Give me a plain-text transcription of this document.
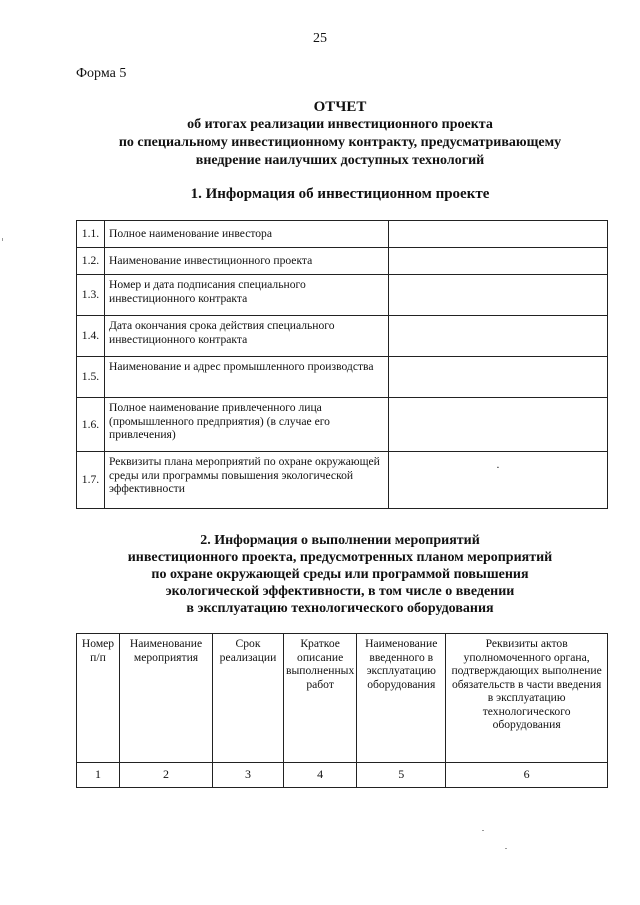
25
Форма 5
ОТЧЕТ
об итогах реализации инвестиционного проекта
по специальному инвестиционному контракту, предусматривающему
внедрение наилучших доступных технологий
1. Информация об инвестиционном проекте
1.1.	Полное наименование инвестора	
1.2.	Наименование инвестиционного проекта	
1.3.	Номер и дата подписания специального инвестиционного контракта	
1.4.	Дата окончания срока действия специального инвестиционного контракта	
1.5.	Наименование и адрес промышленного производства	
1.6.	Полное наименование привлеченного лица (промышленного предприятия) (в случае его привлечения)	
1.7.	Реквизиты плана мероприятий по охране окружающей среды или программы повышения экологической эффективности	.
2. Информация о выполнении мероприятий
инвестиционного проекта, предусмотренных планом мероприятий
по охране окружающей среды или программой повышения
экологической эффективности, в том числе о введении
в эксплуатацию технологического оборудования
Номер п/п	Наименование мероприятия	Срок реализации	Краткое описание выполненных работ	Наименование введенного в эксплуатацию оборудования	Реквизиты актов уполномоченного органа, подтверждающих выполнение обязательств в части введения в эксплуатацию технологического оборудования
1	2	3	4	5	6
